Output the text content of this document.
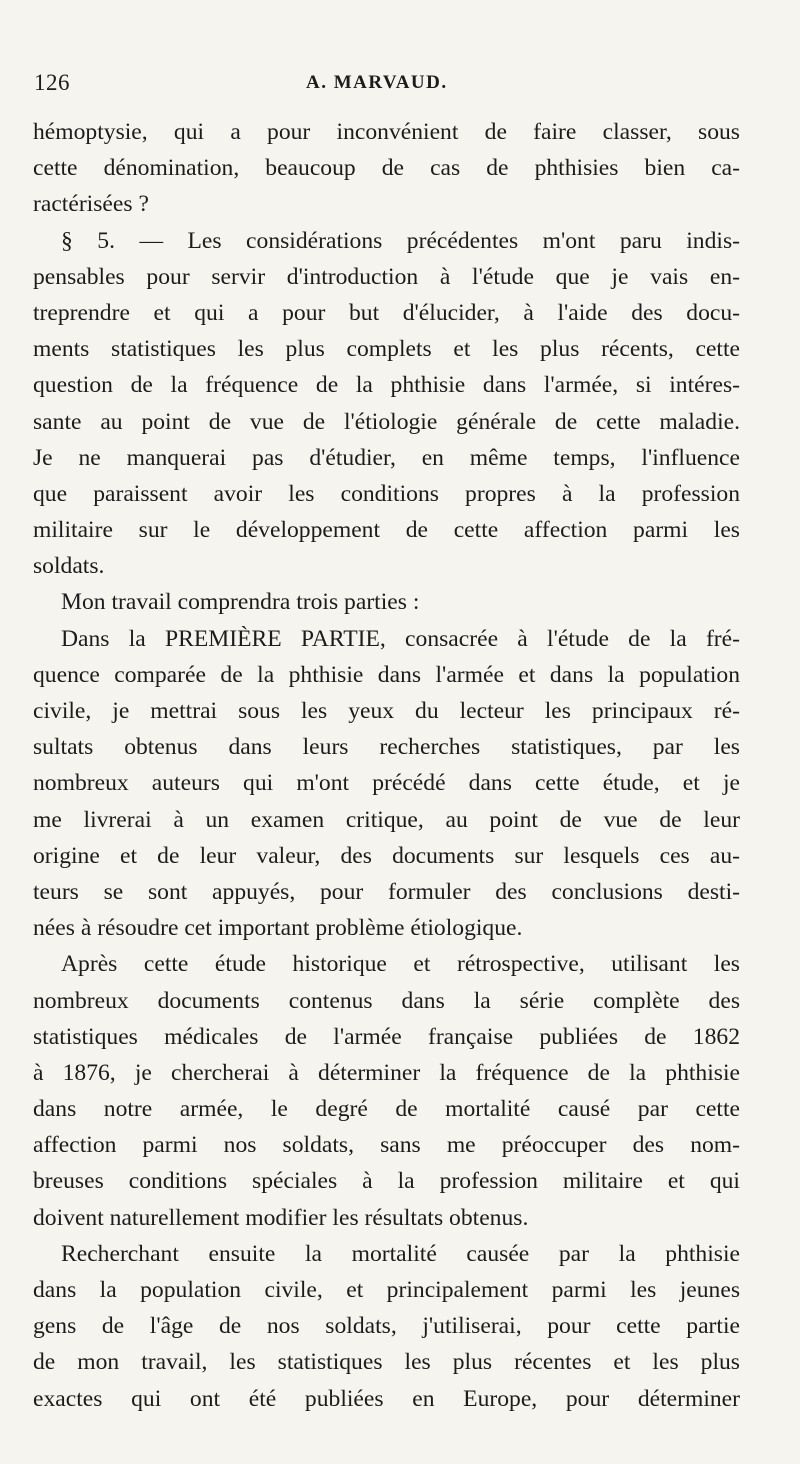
126	A. MARVAUD.
hémoptysie, qui a pour inconvénient de faire classer, sous
cette dénomination, beaucoup de cas de phthisies bien ca-
ractérisées ?
§ 5. — Les considérations précédentes m'ont paru indis-
pensables pour servir d'introduction à l'étude que je vais en-
treprendre et qui a pour but d'élucider, à l'aide des docu-
ments statistiques les plus complets et les plus récents, cette
question de la fréquence de la phthisie dans l'armée, si intéres-
sante au point de vue de l'étiologie générale de cette maladie.
Je ne manquerai pas d'étudier, en même temps, l'influence
que paraissent avoir les conditions propres à la profession
militaire sur le développement de cette affection parmi les
soldats.
Mon travail comprendra trois parties :
Dans la PREMIÈRE PARTIE, consacrée à l'étude de la fré-
quence comparée de la phthisie dans l'armée et dans la population
civile, je mettrai sous les yeux du lecteur les principaux ré-
sultats obtenus dans leurs recherches statistiques, par les
nombreux auteurs qui m'ont précédé dans cette étude, et je
me livrerai à un examen critique, au point de vue de leur
origine et de leur valeur, des documents sur lesquels ces au-
teurs se sont appuyés, pour formuler des conclusions desti-
nées à résoudre cet important problème étiologique.
Après cette étude historique et rétrospective, utilisant les
nombreux documents contenus dans la série complète des
statistiques médicales de l'armée française publiées de 1862
à 1876, je chercherai à déterminer la fréquence de la phthisie
dans notre armée, le degré de mortalité causé par cette
affection parmi nos soldats, sans me préoccuper des nom-
breuses conditions spéciales à la profession militaire et qui
doivent naturellement modifier les résultats obtenus.
Recherchant ensuite la mortalité causée par la phthisie
dans la population civile, et principalement parmi les jeunes
gens de l'âge de nos soldats, j'utiliserai, pour cette partie
de mon travail, les statistiques les plus récentes et les plus
exactes qui ont été publiées en Europe, pour déterminer
